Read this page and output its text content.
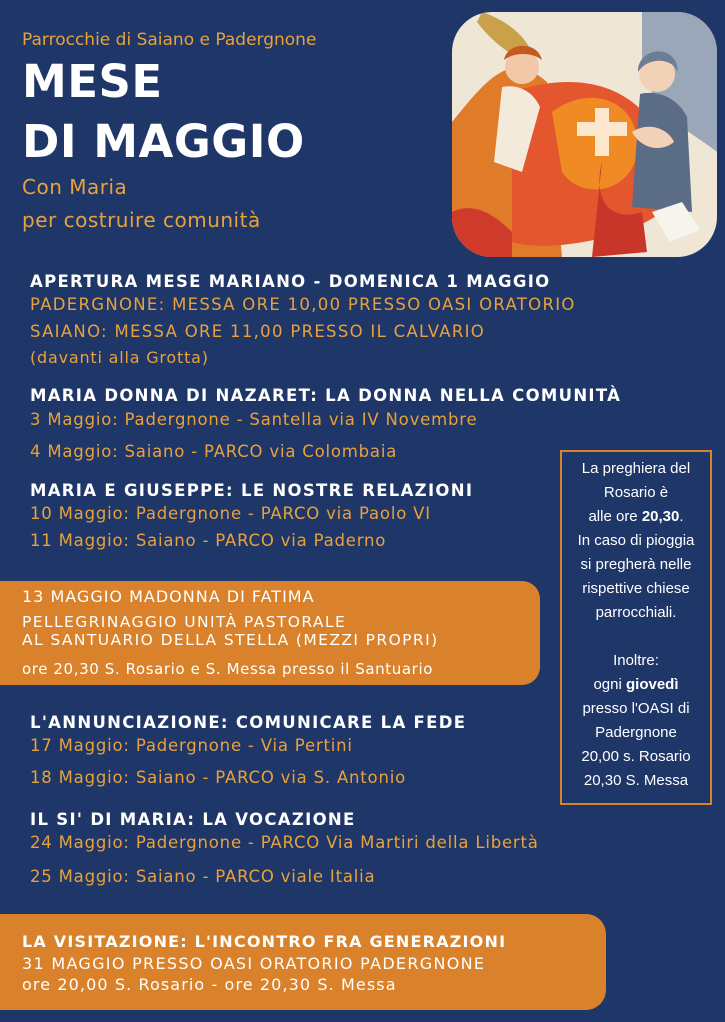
Parrocchie di Saiano e Padergnone
MESE
DI MAGGIO
Con Maria
per costruire comunità
APERTURA MESE MARIANO - DOMENICA 1 MAGGIO
PADERGNONE: MESSA ORE 10,00 PRESSO OASI ORATORIO
SAIANO: MESSA ORE 11,00 PRESSO IL CALVARIO
(davanti alla Grotta)
MARIA DONNA DI NAZARET: LA DONNA NELLA COMUNITÀ
3 Maggio: Padergnone - Santella via IV Novembre
4 Maggio: Saiano - PARCO via Colombaia
MARIA E GIUSEPPE: LE NOSTRE RELAZIONI
10 Maggio: Padergnone - PARCO via Paolo VI
11 Maggio: Saiano - PARCO via Paderno
13 MAGGIO MADONNA DI FATIMA
PELLEGRINAGGIO UNITÀ PASTORALE
AL SANTUARIO DELLA STELLA (MEZZI PROPRI)
ore 20,30 S. Rosario e S. Messa presso il Santuario
L'ANNUNCIAZIONE: COMUNICARE LA FEDE
17 Maggio: Padergnone - Via Pertini
18 Maggio: Saiano - PARCO via S. Antonio
IL SI' DI MARIA: LA VOCAZIONE
24 Maggio: Padergnone - PARCO Via Martiri della Libertà
25 Maggio: Saiano - PARCO viale Italia
LA VISITAZIONE: L'INCONTRO FRA GENERAZIONI
31 MAGGIO PRESSO OASI ORATORIO PADERGNONE
ore 20,00 S. Rosario - ore 20,30 S. Messa
La preghiera del
Rosario è
alle ore 20,30.
In caso di pioggia
si pregherà nelle
rispettive chiese
parrocchiali.
Inoltre:
ogni giovedì
presso l'OASI di
Padergnone
20,00 s. Rosario
20,30 S. Messa
